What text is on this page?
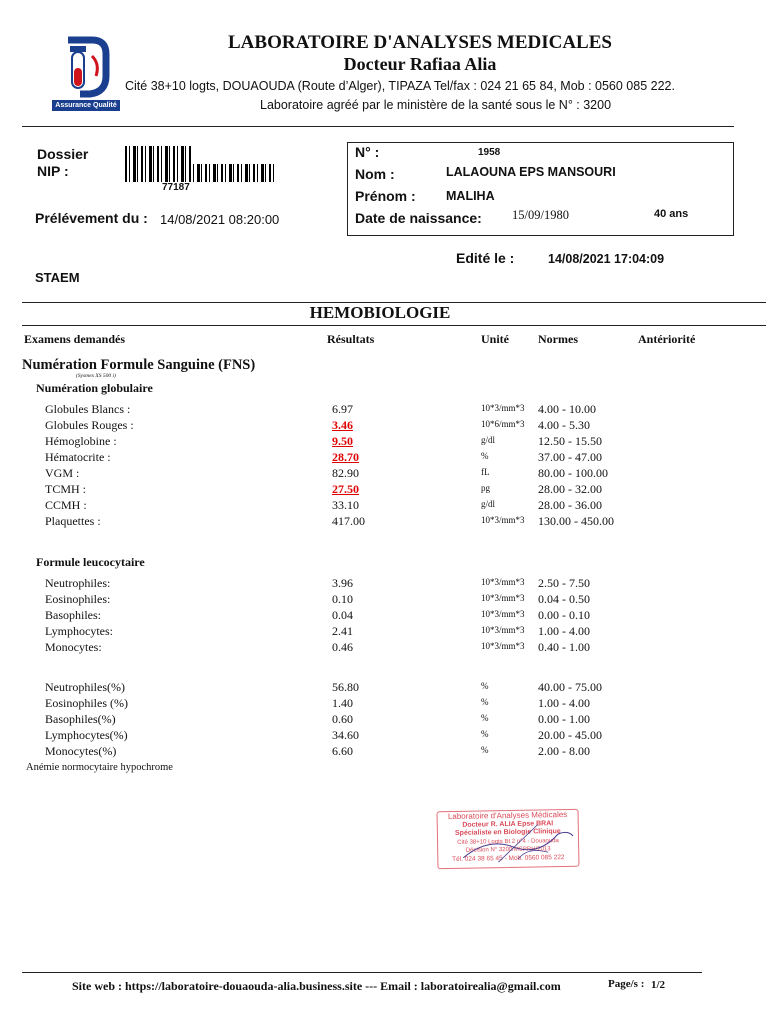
Assurance Qualité
LABORATOIRE D'ANALYSES MEDICALES
Docteur Rafiaa Alia
Cité 38+10 logts, DOUAOUDA (Route d’Alger), TIPAZA Tel/fax : 024 21 65 84, Mob : 0560 085 222.
Laboratoire agréé par le ministère de la santé sous le N° : 3200
Dossier
NIP :
77187
Prélévement du : 14/08/2021 08:20:00
N° :	1958
Nom :	LALAOUNA EPS MANSOURI
Prénom : MALIHA
Date de naissance: 15/09/1980	40 ans
Edité le :	14/08/2021 17:04:09
STAEM
HEMOBIOLOGIE
Examens demandés	Résultats	Unité Normes	Antériorité
Numération Formule Sanguine (FNS)
(Sysmex XS 500 i)
Numération globulaire
Globules Blancs :	6.97	10*3/mm*3 4.00 - 10.00
Globules Rouges :	3.46	10*6/mm*3 4.00 - 5.30
Hémoglobine :	9.50	g/dl	12.50 - 15.50
Hématocrite :	28.70	%	37.00 - 47.00
VGM :	82.90	fL	80.00 - 100.00
TCMH :	27.50	pg	28.00 - 32.00
CCMH :	33.10	g/dl	28.00 - 36.00
Plaquettes :	417.00	10*3/mm*3 130.00 - 450.00
Formule leucocytaire
Neutrophiles:	3.96	10*3/mm*3 2.50 - 7.50
Eosinophiles:	0.10	10*3/mm*3 0.04 - 0.50
Basophiles:	0.04	10*3/mm*3 0.00 - 0.10
Lymphocytes:	2.41	10*3/mm*3 1.00 - 4.00
Monocytes:	0.46	10*3/mm*3 0.40 - 1.00
Neutrophiles(%)	56.80	%	40.00 - 75.00
Eosinophiles (%)	1.40	%	1.00 - 4.00
Basophiles(%)	0.60	%	0.00 - 1.00
Lymphocytes(%)	34.60	%	20.00 - 45.00
Monocytes(%)	6.60	%	2.00 - 8.00
Anémie normocytaire hypochrome
Laboratoire d'Analyses Médicales
Docteur R. ALIA Epse BRAI
Spécialiste en Biologie Clinique
Cité 38+10 Logts Bt 2 n°4 - Douaouda
Décision N° 3200/MSPRH/2013
Tél. 024 38 65 45 - Mob. 0560 085 222
Site web : https://laboratoire-douaouda-alia.business.site --- Email : laboratoirealia@gmail.com	Page/s : 1/2
